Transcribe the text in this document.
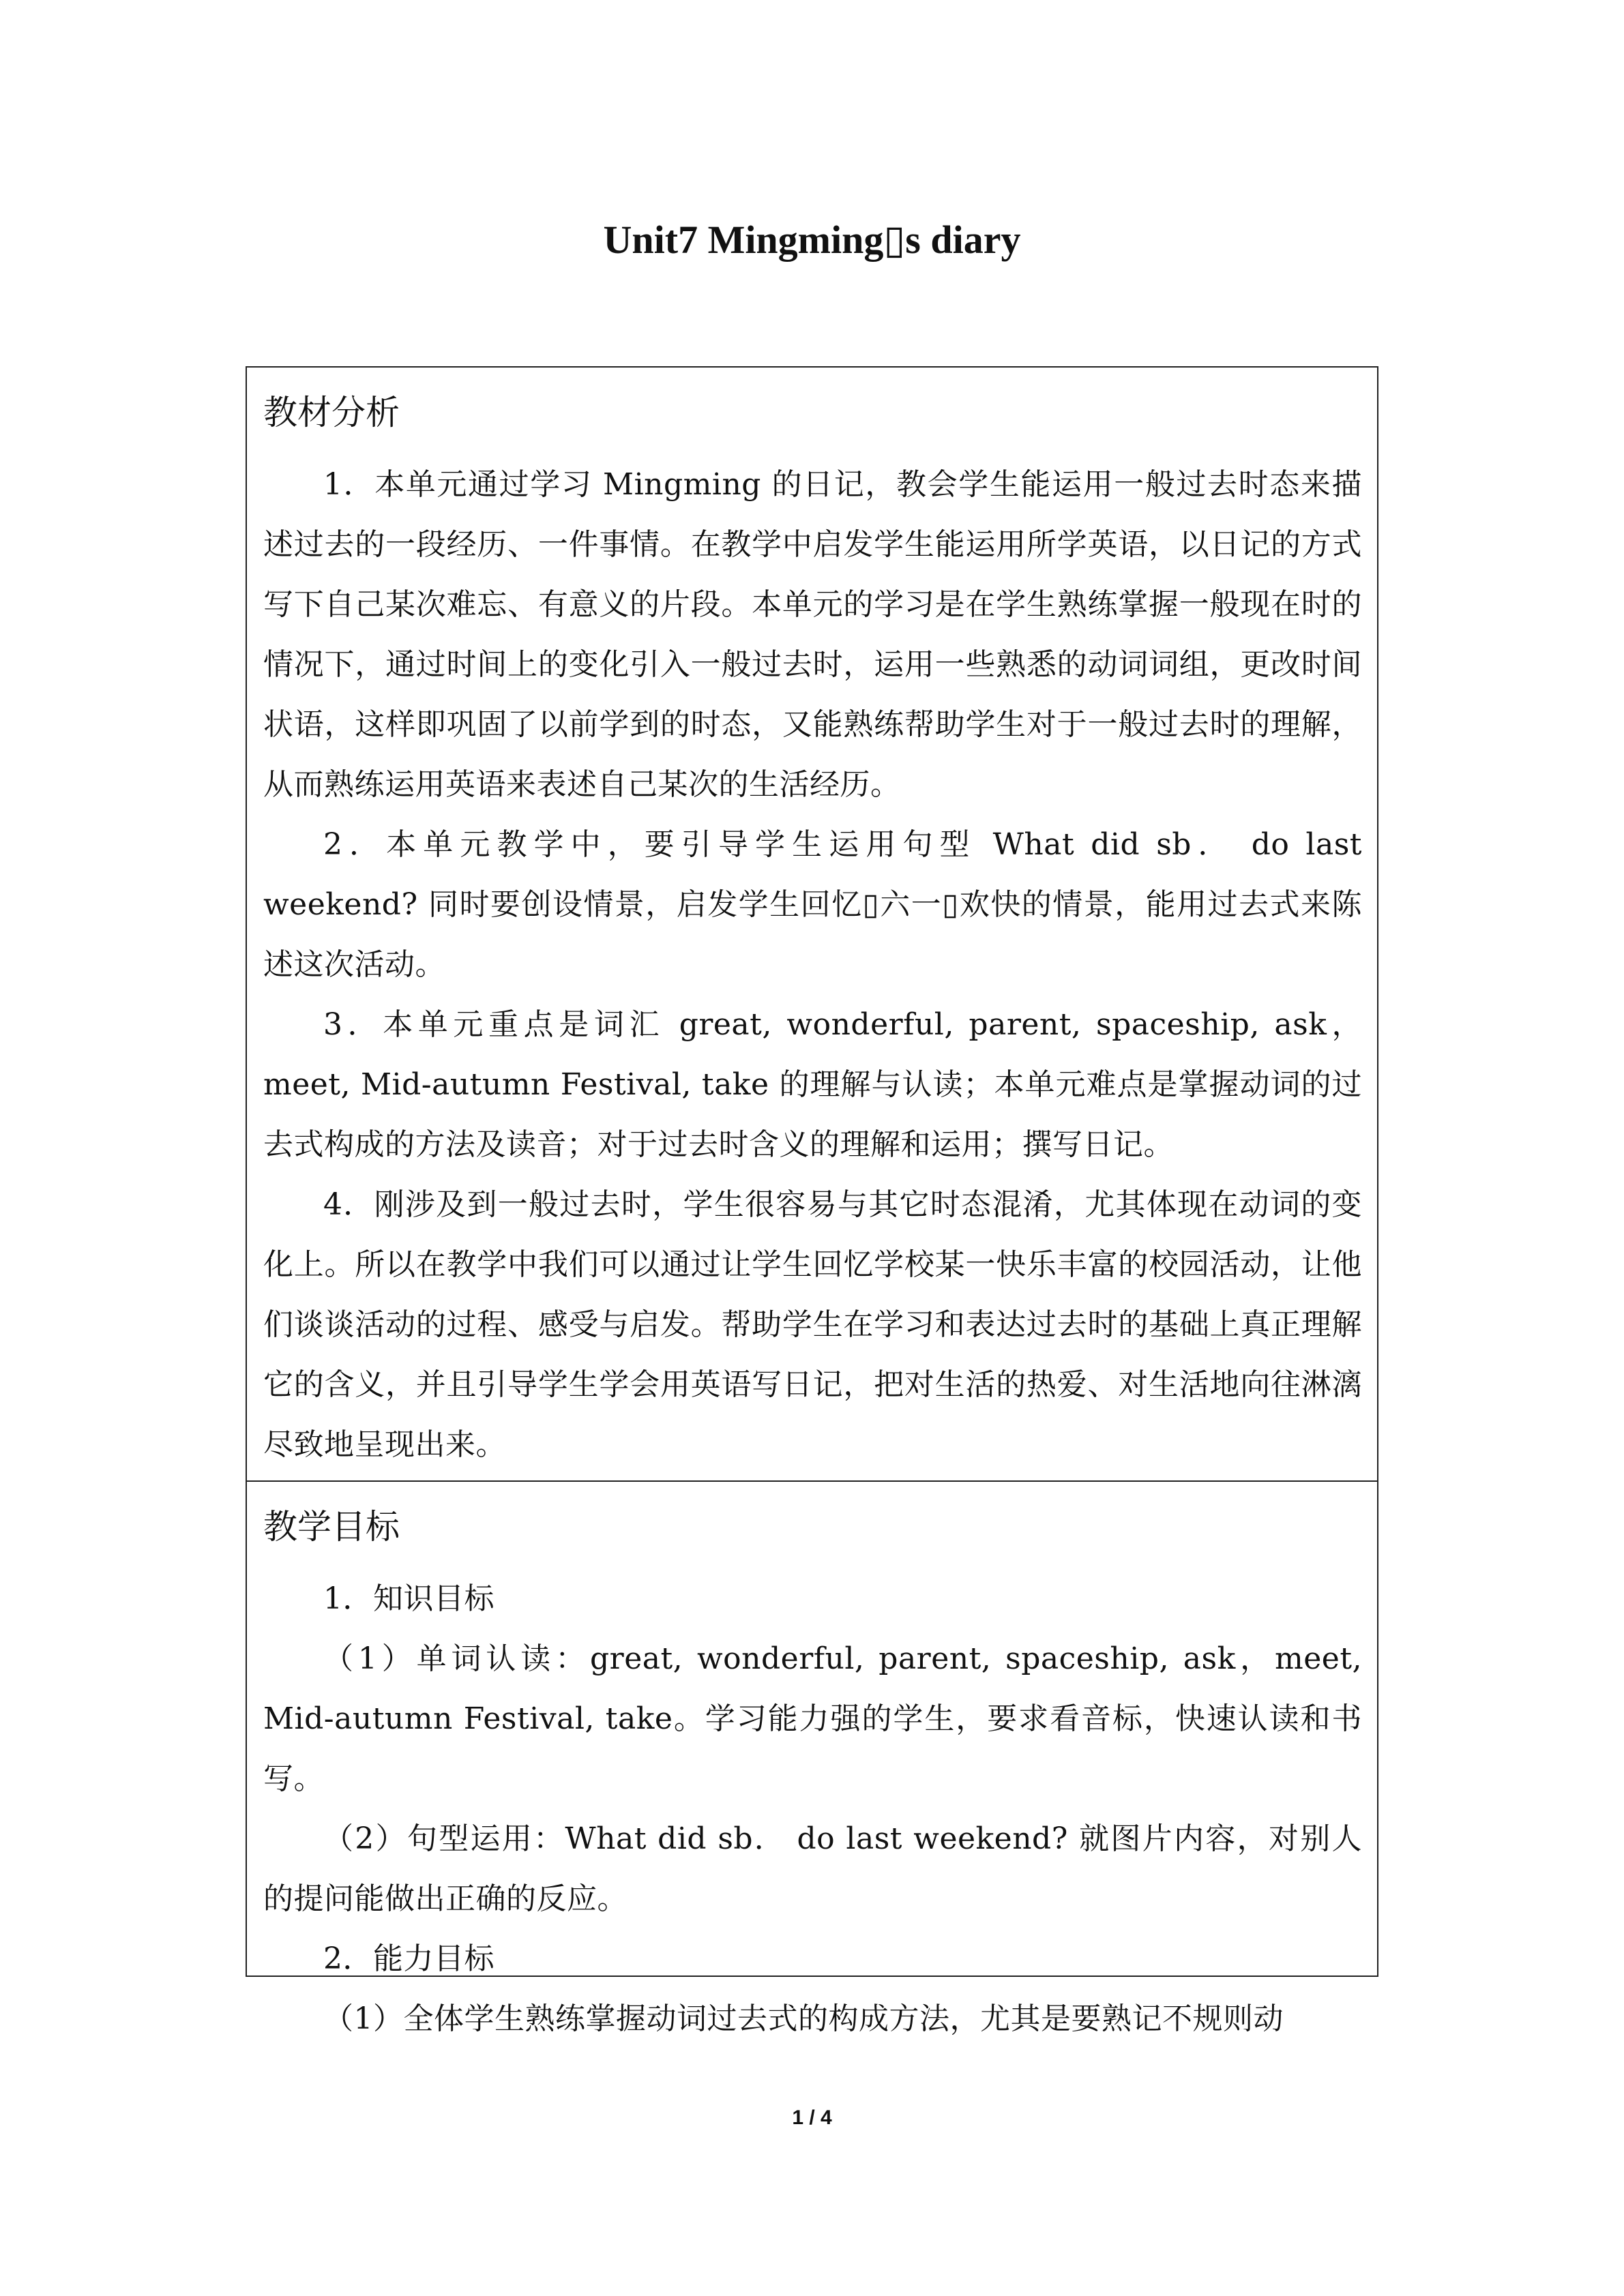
Unit7 Mingming▯s diary
教材分析

1．本单元通过学习 Mingming 的日记，教会学生能运用一般过去时态来描述过去的一段经历、一件事情。在教学中启发学生能运用所学英语，以日记的方式写下自己某次难忘、有意义的片段。本单元的学习是在学生熟练掌握一般现在时的情况下，通过时间上的变化引入一般过去时，运用一些熟悉的动词词组，更改时间状语，这样即巩固了以前学到的时态，又能熟练帮助学生对于一般过去时的理解，从而熟练运用英语来表述自己某次的生活经历。

2．本单元教学中，要引导学生运用句型 What did sb． do last weekend? 同时要创设情景，启发学生回忆▯六一▯欢快的情景，能用过去式来陈述这次活动。

3．本单元重点是词汇 great, wonderful, parent, spaceship, ask，meet, Mid-autumn Festival, take 的理解与认读；本单元难点是掌握动词的过去式构成的方法及读音；对于过去时含义的理解和运用；撰写日记。

4．刚涉及到一般过去时，学生很容易与其它时态混淆，尤其体现在动词的变化上。所以在教学中我们可以通过让学生回忆学校某一快乐丰富的校园活动，让他们谈谈活动的过程、感受与启发。帮助学生在学习和表达过去时的基础上真正理解它的含义，并且引导学生学会用英语写日记，把对生活的热爱、对生活地向往淋漓尽致地呈现出来。

教学目标

1．知识目标

（1）单词认读：great, wonderful, parent, spaceship, ask，meet, Mid-autumn Festival, take。学习能力强的学生，要求看音标，快速认读和书写。

（2）句型运用：What did sb． do last weekend? 就图片内容，对别人的提问能做出正确的反应。

2．能力目标

（1）全体学生熟练掌握动词过去式的构成方法，尤其是要熟记不规则动

1 / 4
